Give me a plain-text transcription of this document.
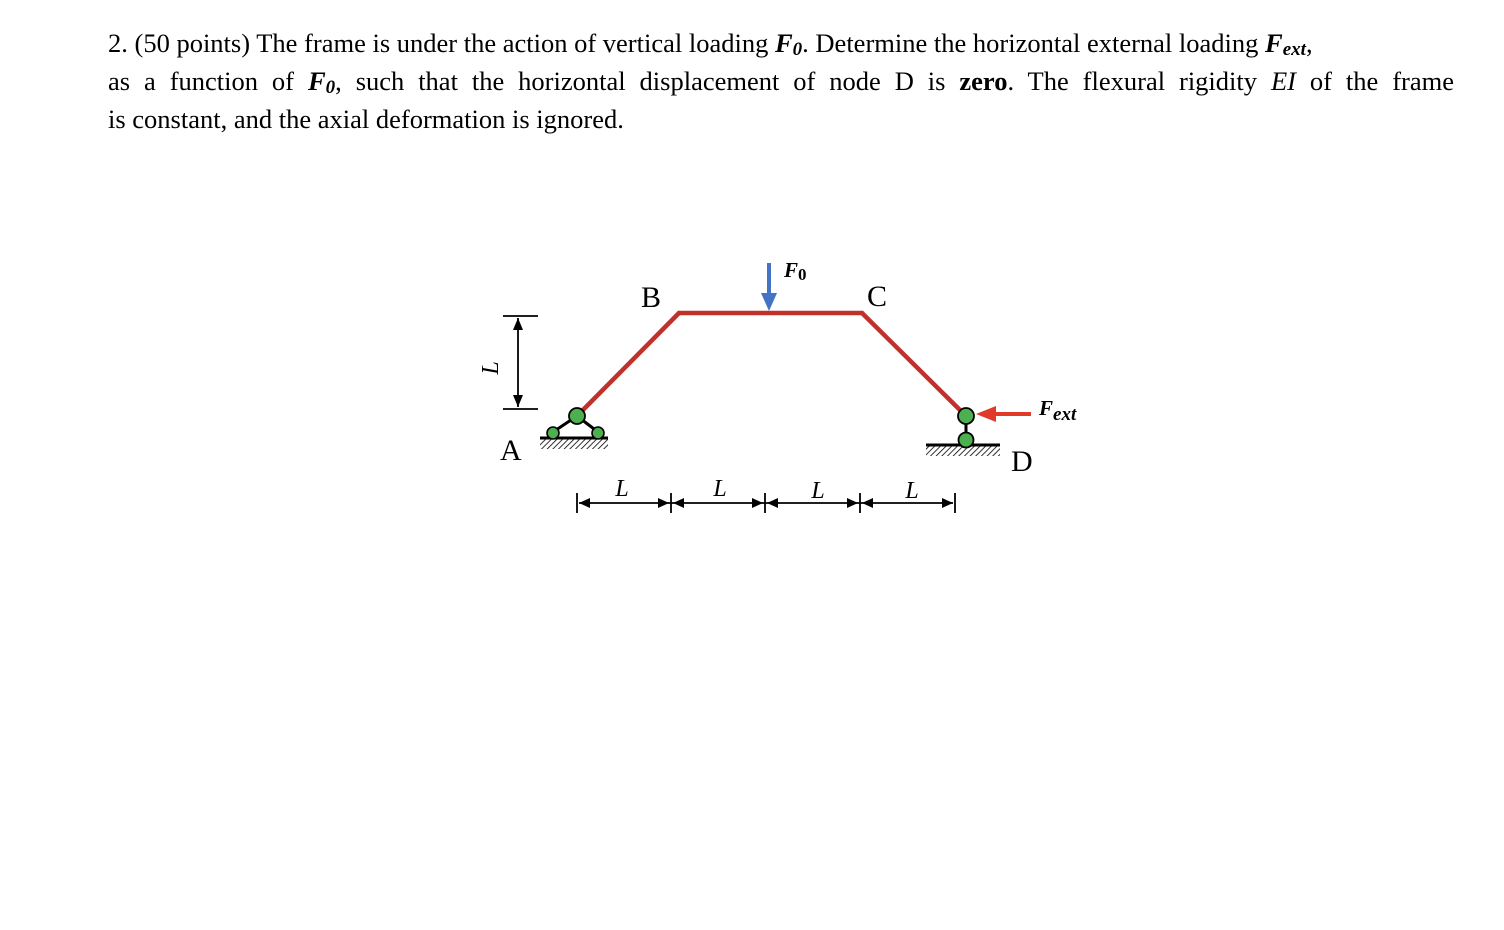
2. (50 points) The frame is under the action of vertical loading $F_0$. Determine the horizontal external loading $F_{ext}$,
as a function of $F_0$, such that the horizontal displacement of node D is zero. The flexural rigidity EI of the frame
is constant, and the axial deformation is ignored.
A
B	C
D
F0
Fext
L
L	L	L	L
